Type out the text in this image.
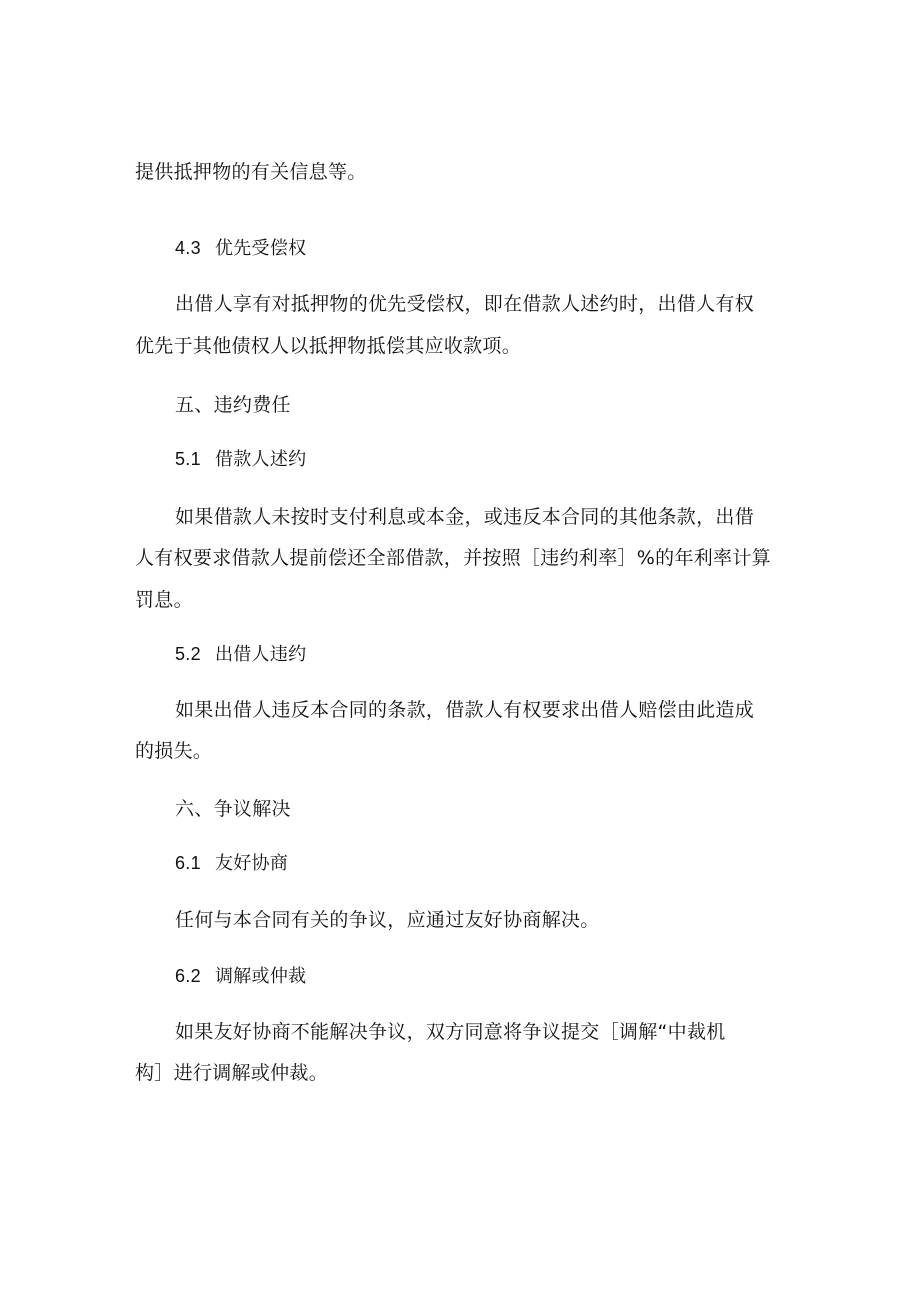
提供抵押物的有关信息等。
4.3 优先受偿权
出借人享有对抵押物的优先受偿权，即在借款人述约时，出借人有权
优先于其他债权人以抵押物抵偿其应收款项。
五、违约费任
5.1 借款人述约
如果借款人未按时支付利息或本金，或违反本合同的其他条款，出借
人有权要求借款人提前偿还全部借款，并按照［违约利率］%的年利率计算
罚息。
5.2 出借人违约
如果出借人违反本合同的条款，借款人有权要求出借人赔偿由此造成
的损失。
六、争议解决
6.1 友好协商
任何与本合同有关的争议，应通过友好协商解决。
6.2 调解或仲裁
如果友好协商不能解决争议，双方同意将争议提交［调解“中裁机
构］进行调解或仲裁。
